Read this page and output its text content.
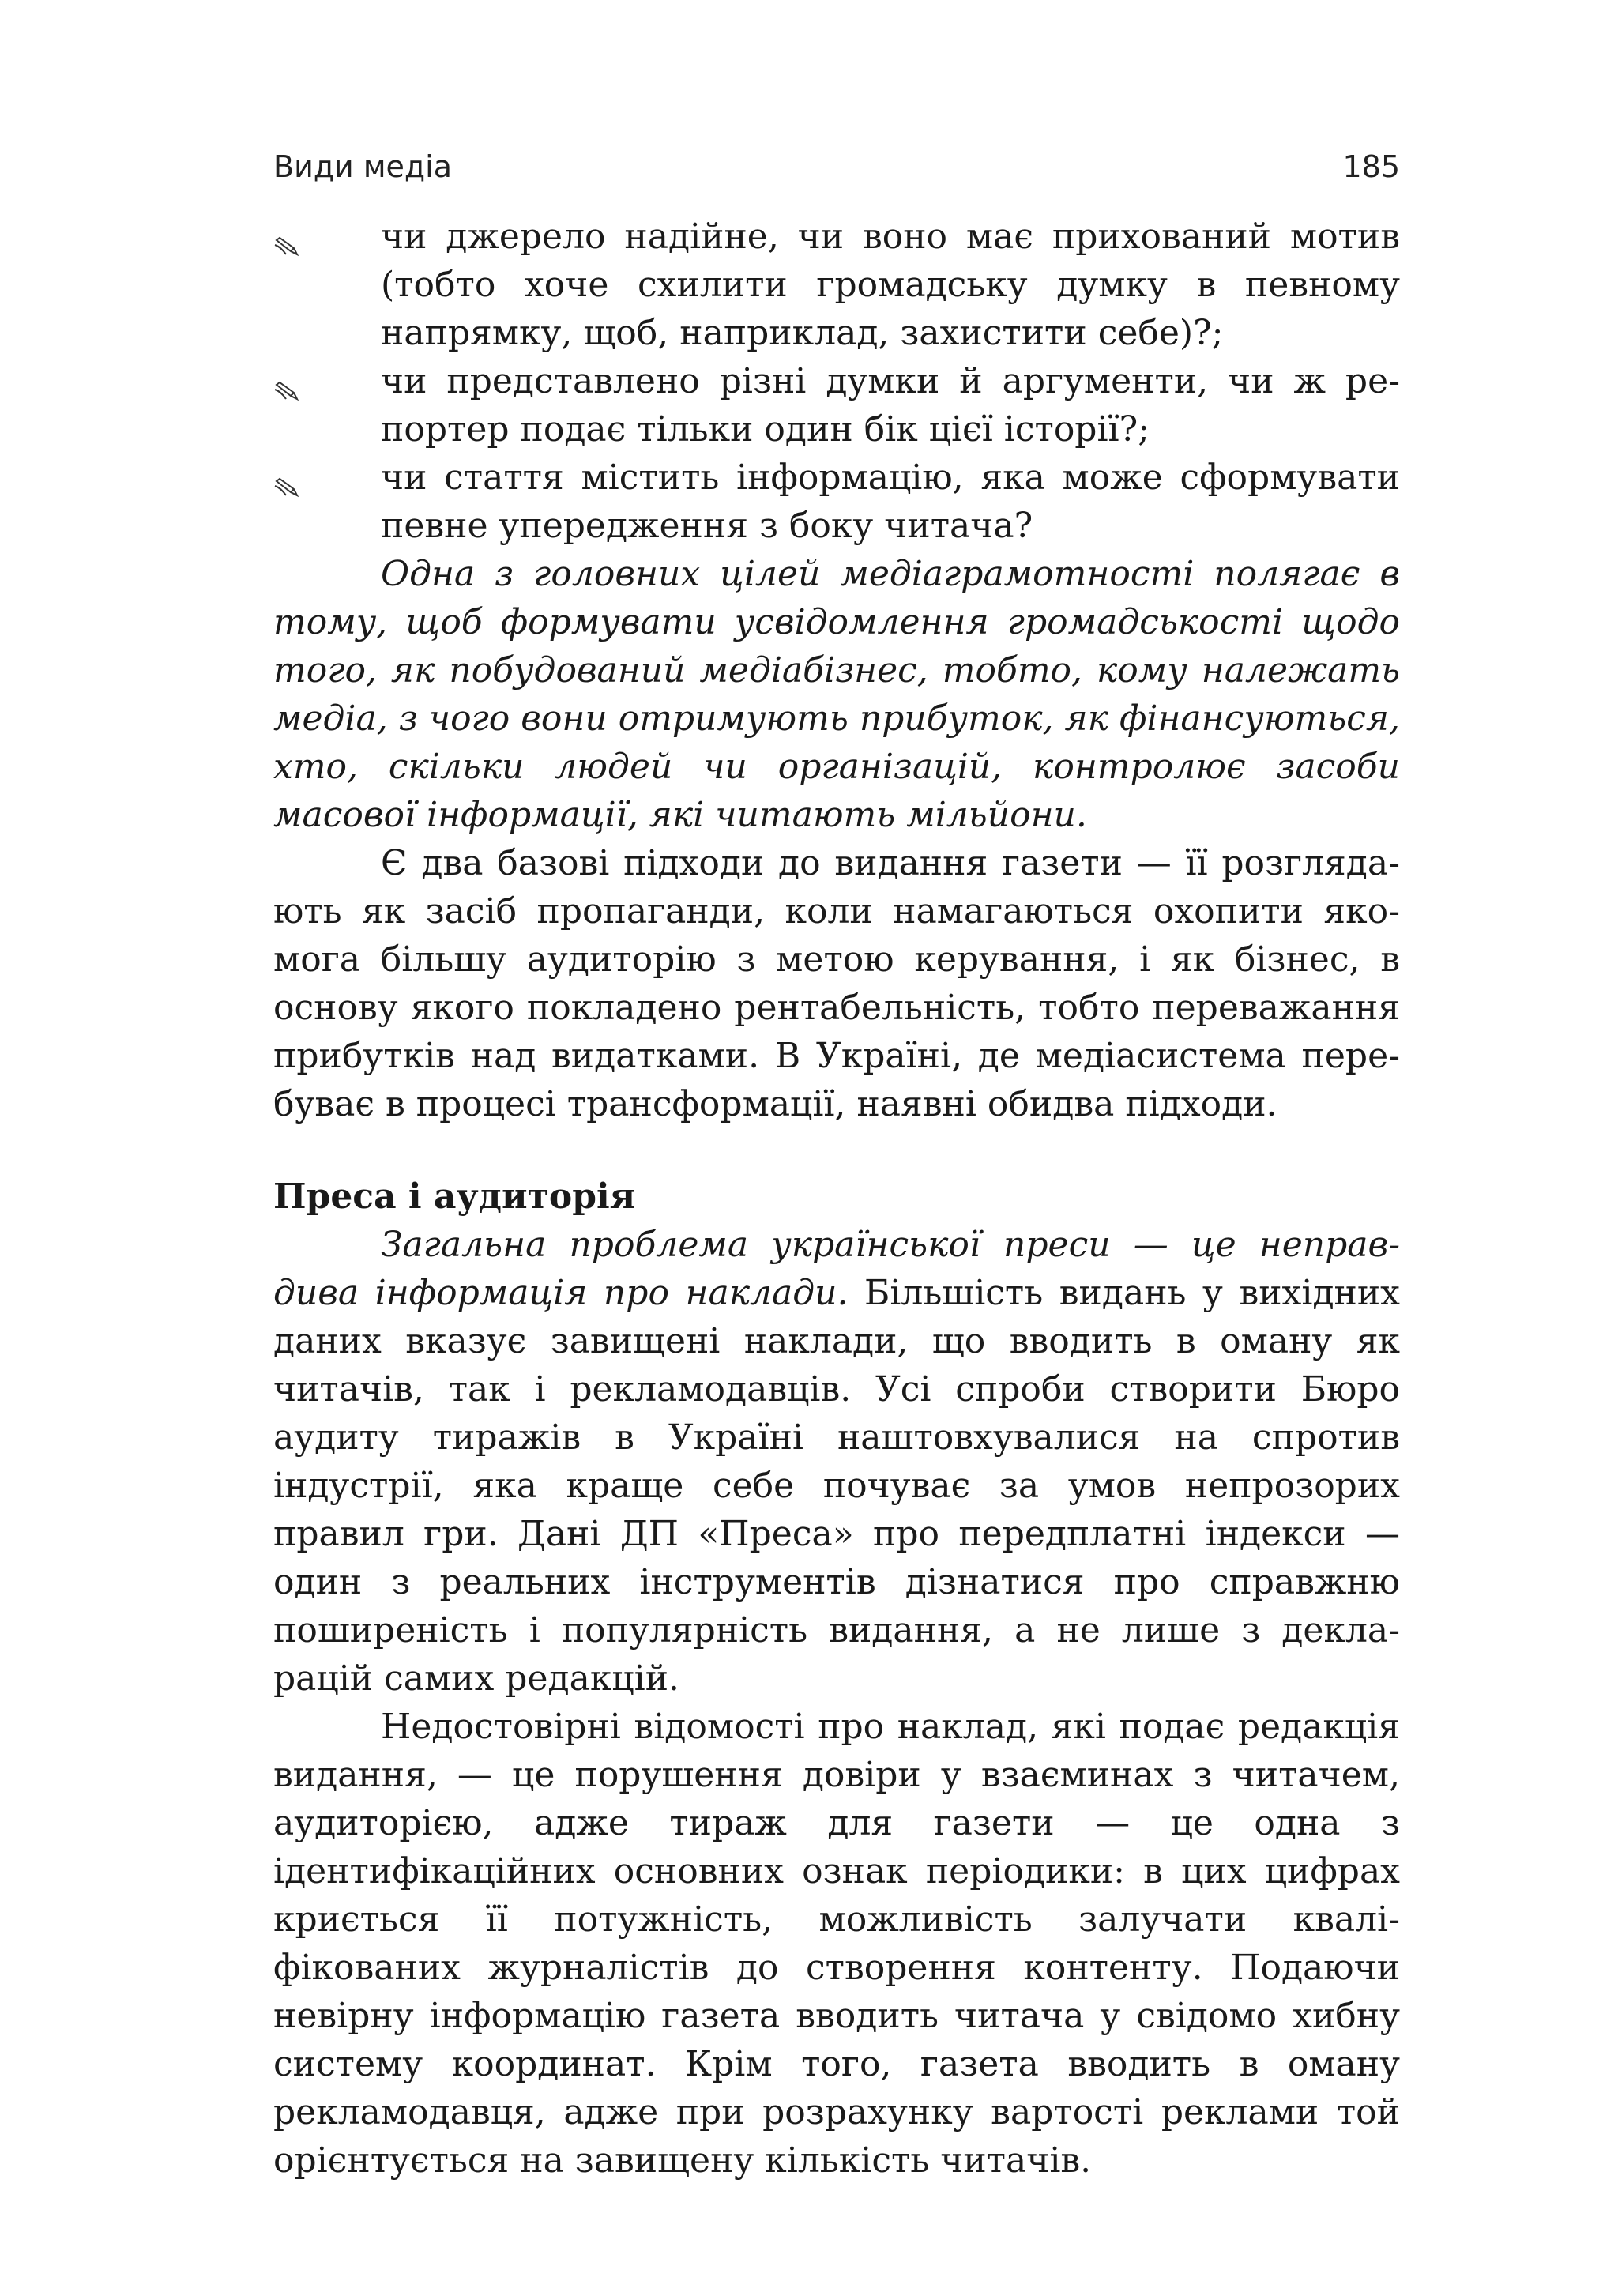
Види медіа	185
чи джерело надійне, чи воно має прихований мотив (тобто хоче схилити громадську думку в певному напрямку, щоб, наприклад, захистити себе)?;
чи представлено різні думки й аргументи, чи ж репортер подає тільки один бік цієї історії?;
чи стаття містить інформацію, яка може сформувати певне упередження з боку читача?

Одна з головних цілей медіаграмотності полягає в тому, щоб формувати усвідомлення громадськості щодо того, як побудований медіабізнес, тобто, кому належать медіа, з чого вони отримують прибуток, як фінансуються, хто, скільки людей чи організацій, контролює засоби масової інформації, які читають мільйони.

Є два базові підходи до видання газети — її розглядають як засіб пропаганди, коли намагаються охопити якомога більшу аудиторію з метою керування, і як бізнес, в основу якого покладено рентабельність, тобто переважання прибутків над видатками. В Україні, де медіасистема перебуває в процесі трансформації, наявні обидва підходи.

Преса і аудиторія

Загальна проблема української преси — це неправдива інформація про наклади. Більшість видань у вихідних даних вказує завищені наклади, що вводить в оману як читачів, так і рекламодавців. Усі спроби створити Бюро аудиту тиражів в Україні наштовхувалися на спротив індустрії, яка краще себе почуває за умов непрозорих правил гри. Дані ДП «Преса» про передплатні індекси — один з реальних інструментів дізнатися про справжню поширеність і популярність видання, а не лише з декларацій самих редакцій.

Недостовірні відомості про наклад, які подає редакція видання, — це порушення довіри у взаєминах з читачем, аудиторією, адже тираж для газети — це одна з ідентифікаційних основних ознак періодики: в цих цифрах криється її потужність, можливість залучати кваліфікованих журналістів до створення контенту. Подаючи невірну інформацію газета вводить читача у свідомо хибну систему координат. Крім того, газета вводить в оману рекламодавця, адже при розрахунку вартості реклами той орієнтується на завищену кількість читачів.
